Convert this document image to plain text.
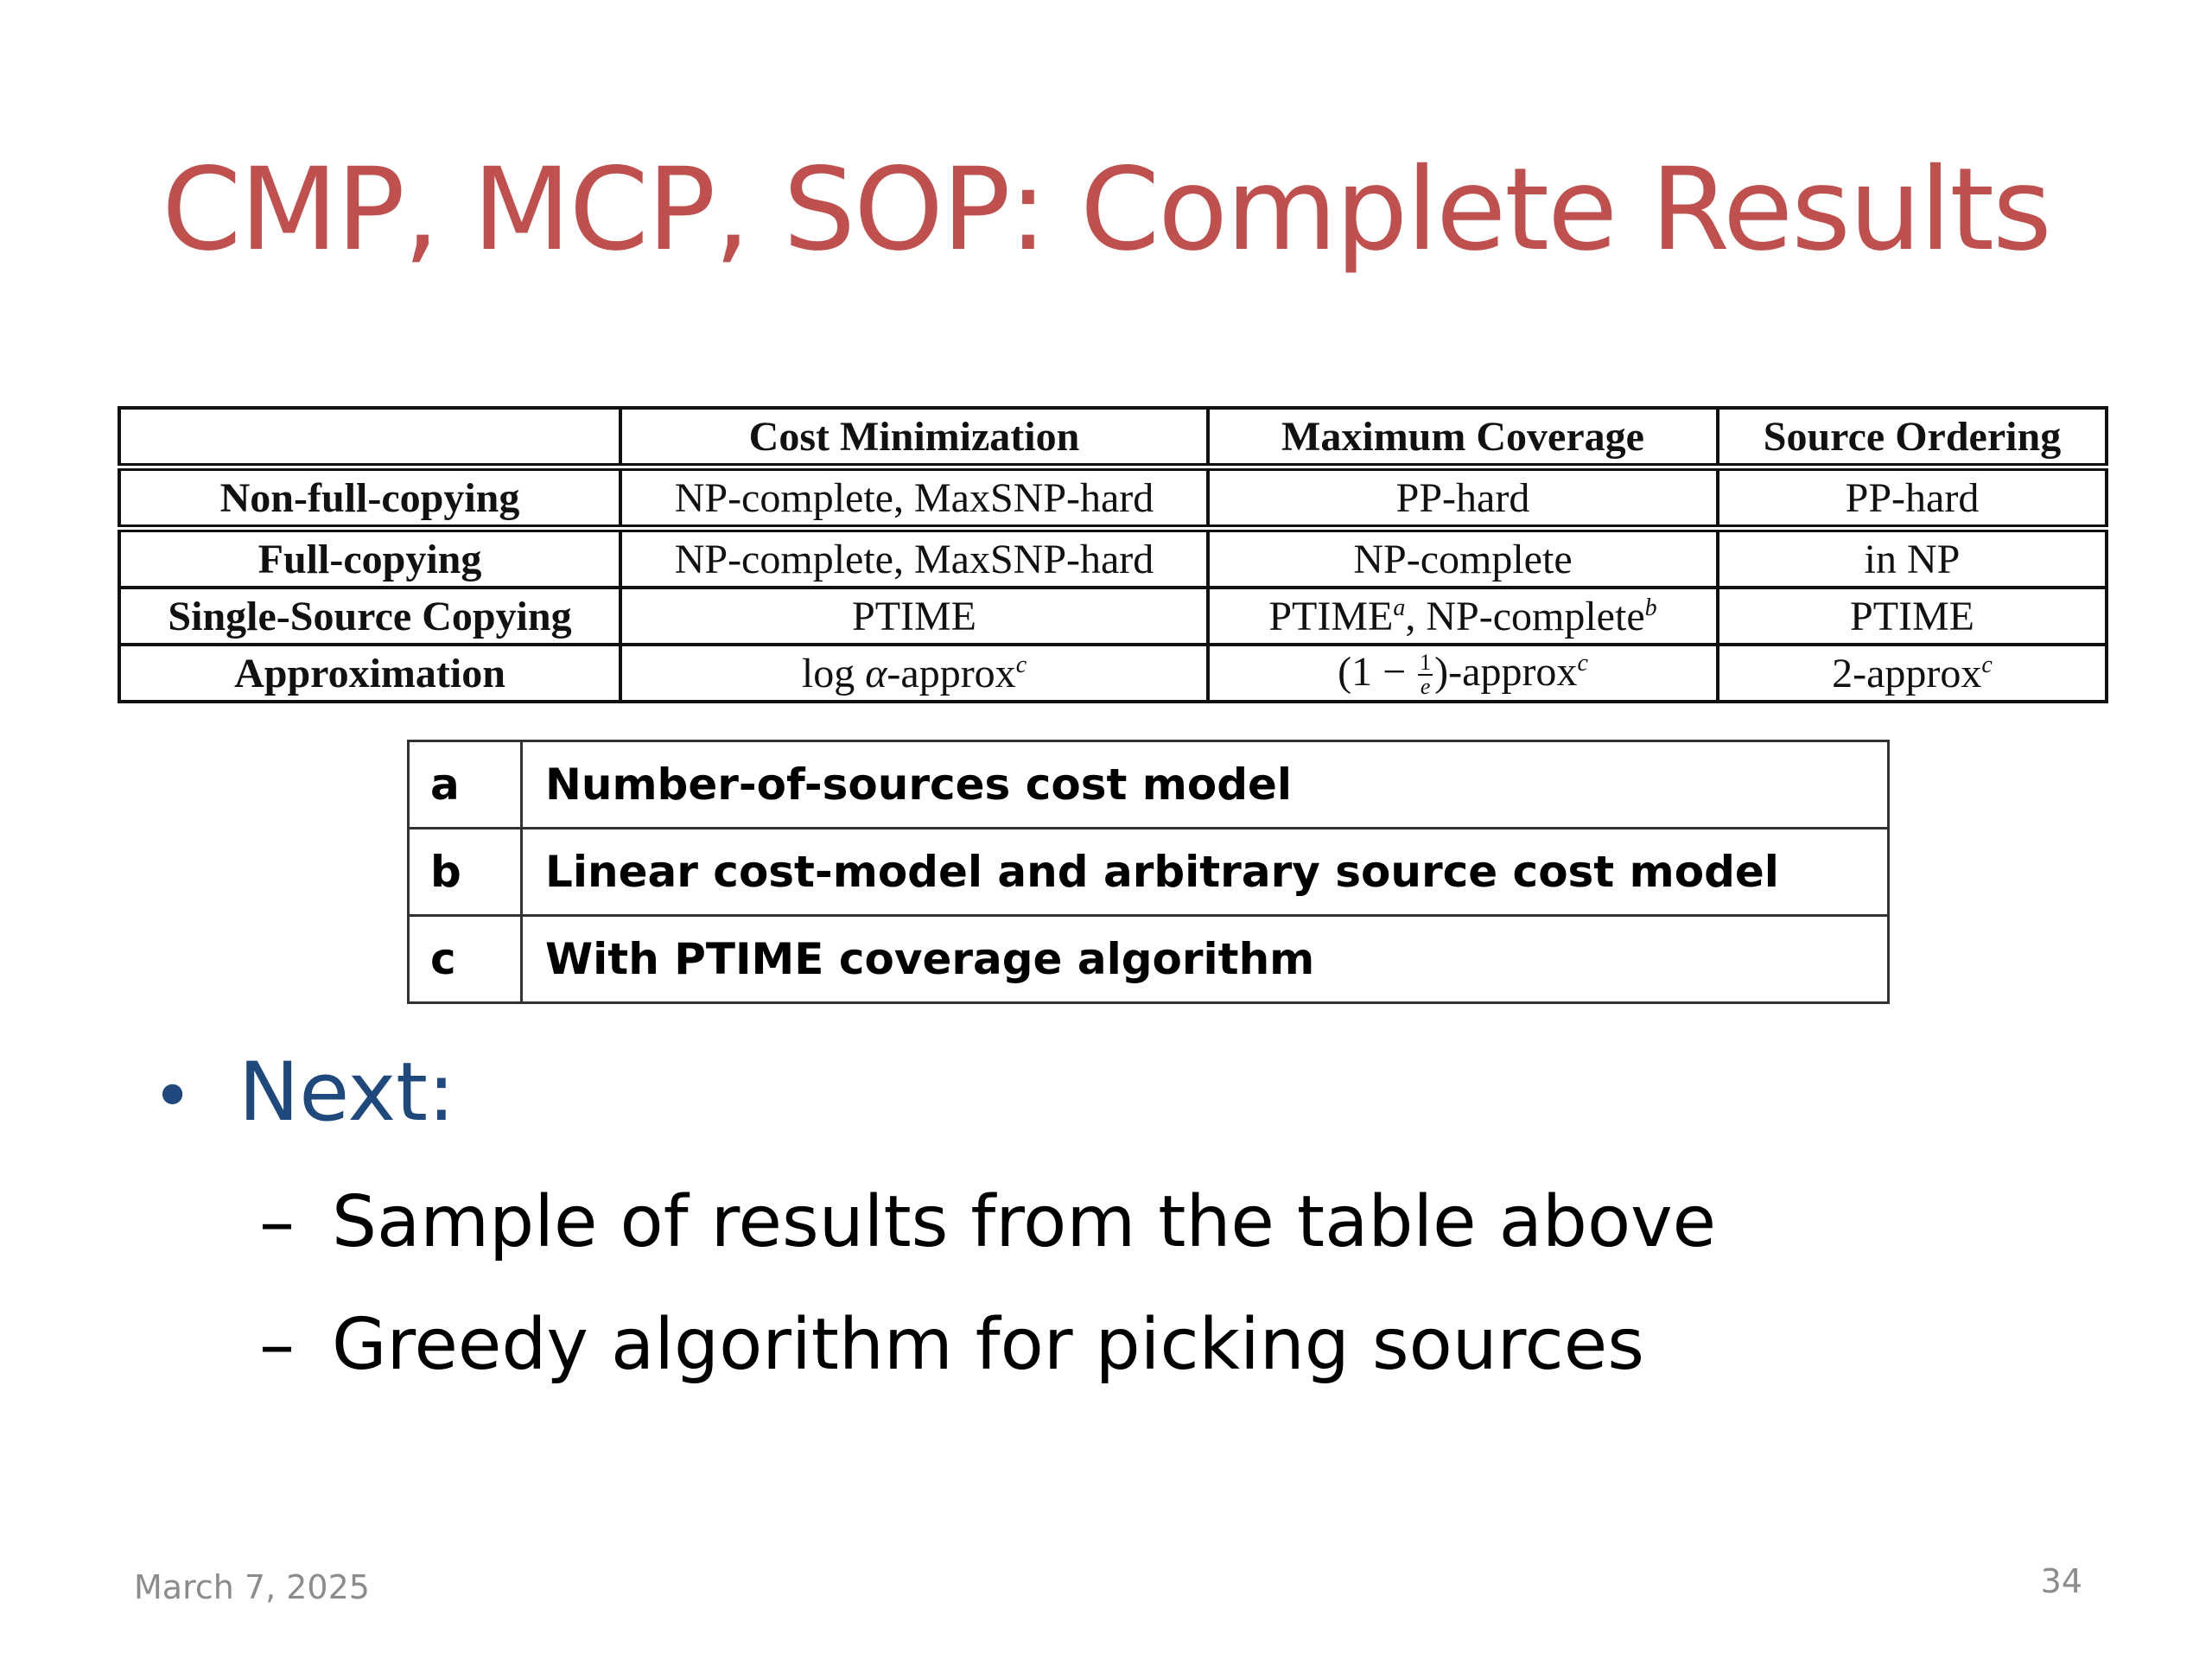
CMP, MCP, SOP: Complete Results
	Cost Minimization	Maximum Coverage	Source Ordering
Non-full-copying	NP-complete, MaxSNP-hard	PP-hard	PP-hard
Full-copying	NP-complete, MaxSNP-hard	NP-complete	in NP
Single-Source Copying	PTIME	PTIME$^a$, NP-complete$^b$	PTIME
Approximation	log α-approx$^c$	($1 - \frac{1}{e}$ )-approx$^c$	2-approx$^c$
a	Number-of-sources cost model
b	Linear cost-model and arbitrary source cost model
c	With PTIME coverage algorithm
• Next:
– Sample of results from the table above
– Greedy algorithm for picking sources
March 7, 2025	34
